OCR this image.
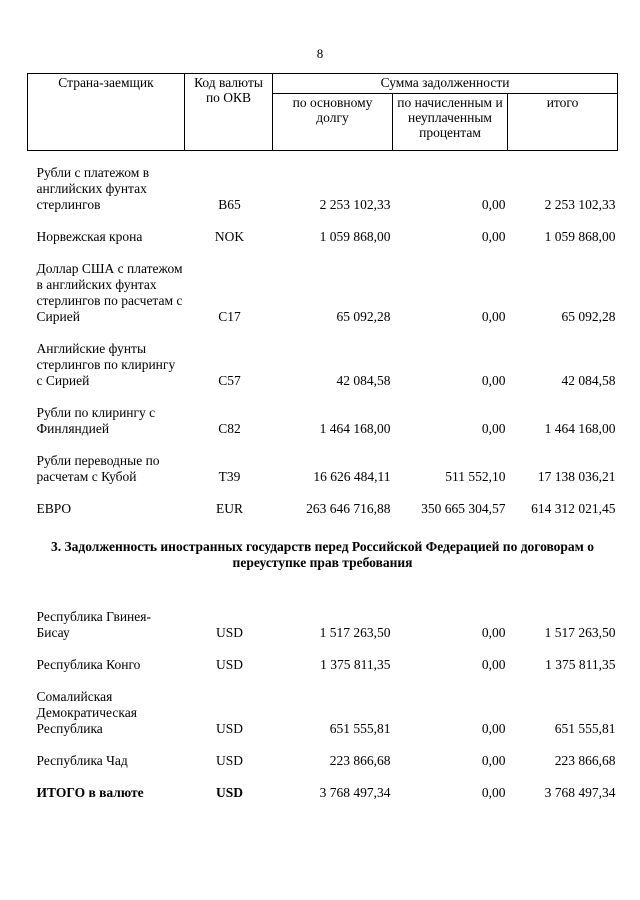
8
Страна-заемщик	Код валюты по ОКВ	Сумма задолженности		
		по основному долгу	по начисленным и неуплаченным процентам	итого

Рубли с платежом в английских фунтах стерлингов	B65	2 253 102,33	0,00	2 253 102,33

Норвежская крона	NOK	1 059 868,00	0,00	1 059 868,00

Доллар США с платежом в английских фунтах стерлингов по расчетам с Сирией	C17	65 092,28	0,00	65 092,28

Английские фунты стерлингов по клирингу с Сирией	C57	42 084,58	0,00	42 084,58

Рубли по клирингу с Финляндией	C82	1 464 168,00	0,00	1 464 168,00

Рубли переводные по расчетам с Кубой	T39	16 626 484,11	511 552,10	17 138 036,21

ЕВРО	EUR	263 646 716,88	350 665 304,57	614 312 021,45
3. Задолженность иностранных государств перед Российской Федерацией по договорам о переуступке прав требования				

Республика Гвинея-Бисау	USD	1 517 263,50	0,00	1 517 263,50

Республика Конго	USD	1 375 811,35	0,00	1 375 811,35

Сомалийская Демократическая Республика	USD	651 555,81	0,00	651 555,81

Республика Чад	USD	223 866,68	0,00	223 866,68

ИТОГО в валюте	USD	3 768 497,34	0,00	3 768 497,34
